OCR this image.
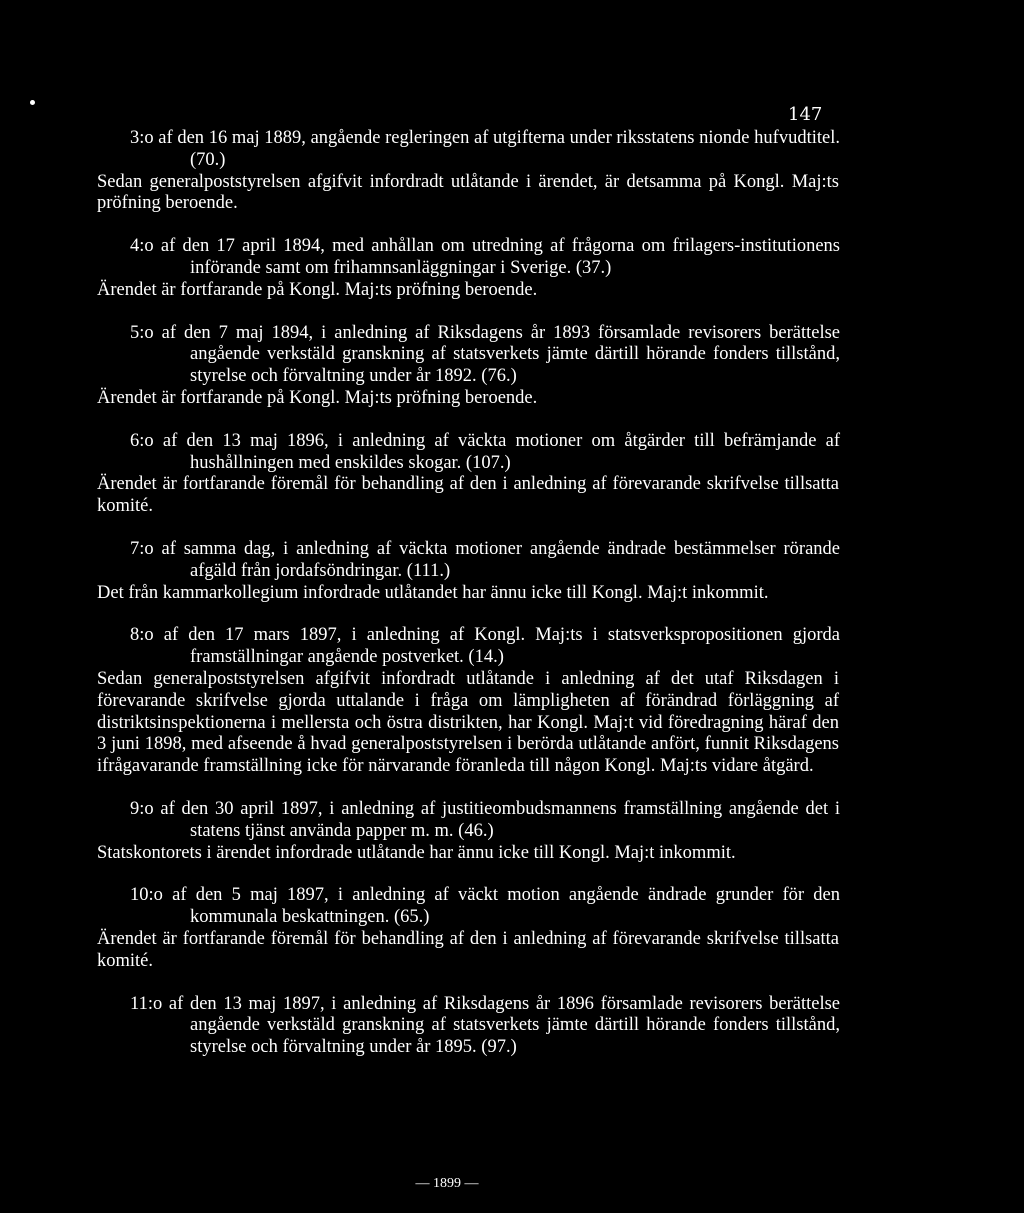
147
3:o af den 16 maj 1889, angående regleringen af utgifterna under riksstatens nionde hufvudtitel. (70.)
Sedan generalpoststyrelsen afgifvit infordradt utlåtande i ärendet, är detsamma på Kongl. Maj:ts pröfning beroende.
4:o af den 17 april 1894, med anhållan om utredning af frågorna om frilagers-institutionens införande samt om frihamnsanläggningar i Sverige. (37.)
Ärendet är fortfarande på Kongl. Maj:ts pröfning beroende.
5:o af den 7 maj 1894, i anledning af Riksdagens år 1893 församlade revisorers berättelse angående verkstäld granskning af statsverkets jämte därtill hörande fonders tillstånd, styrelse och förvaltning under år 1892. (76.)
Ärendet är fortfarande på Kongl. Maj:ts pröfning beroende.
6:o af den 13 maj 1896, i anledning af väckta motioner om åtgärder till befrämjande af hushållningen med enskildes skogar. (107.)
Ärendet är fortfarande föremål för behandling af den i anledning af förevarande skrifvelse tillsatta komité.
7:o af samma dag, i anledning af väckta motioner angående ändrade bestämmelser rörande afgäld från jordafsöndringar. (111.)
Det från kammarkollegium infordrade utlåtandet har ännu icke till Kongl. Maj:t inkommit.
8:o af den 17 mars 1897, i anledning af Kongl. Maj:ts i statsverkspropositionen gjorda framställningar angående postverket. (14.)
Sedan generalpoststyrelsen afgifvit infordradt utlåtande i anledning af det utaf Riksdagen i förevarande skrifvelse gjorda uttalande i fråga om lämpligheten af förändrad förläggning af distriktsinspektionerna i mellersta och östra distrikten, har Kongl. Maj:t vid föredragning häraf den 3 juni 1898, med afseende å hvad generalpoststyrelsen i berörda utlåtande anfört, funnit Riksdagens ifrågavarande framställning icke för närvarande föranleda till någon Kongl. Maj:ts vidare åtgärd.
9:o af den 30 april 1897, i anledning af justitieombudsmannens framställning angående det i statens tjänst använda papper m. m. (46.)
Statskontorets i ärendet infordrade utlåtande har ännu icke till Kongl. Maj:t inkommit.
10:o af den 5 maj 1897, i anledning af väckt motion angående ändrade grunder för den kommunala beskattningen. (65.)
Ärendet är fortfarande föremål för behandling af den i anledning af förevarande skrifvelse tillsatta komité.
11:o af den 13 maj 1897, i anledning af Riksdagens år 1896 församlade revisorers berättelse angående verkstäld granskning af statsverkets jämte därtill hörande fonders tillstånd, styrelse och förvaltning under år 1895. (97.)
— 1899 —
